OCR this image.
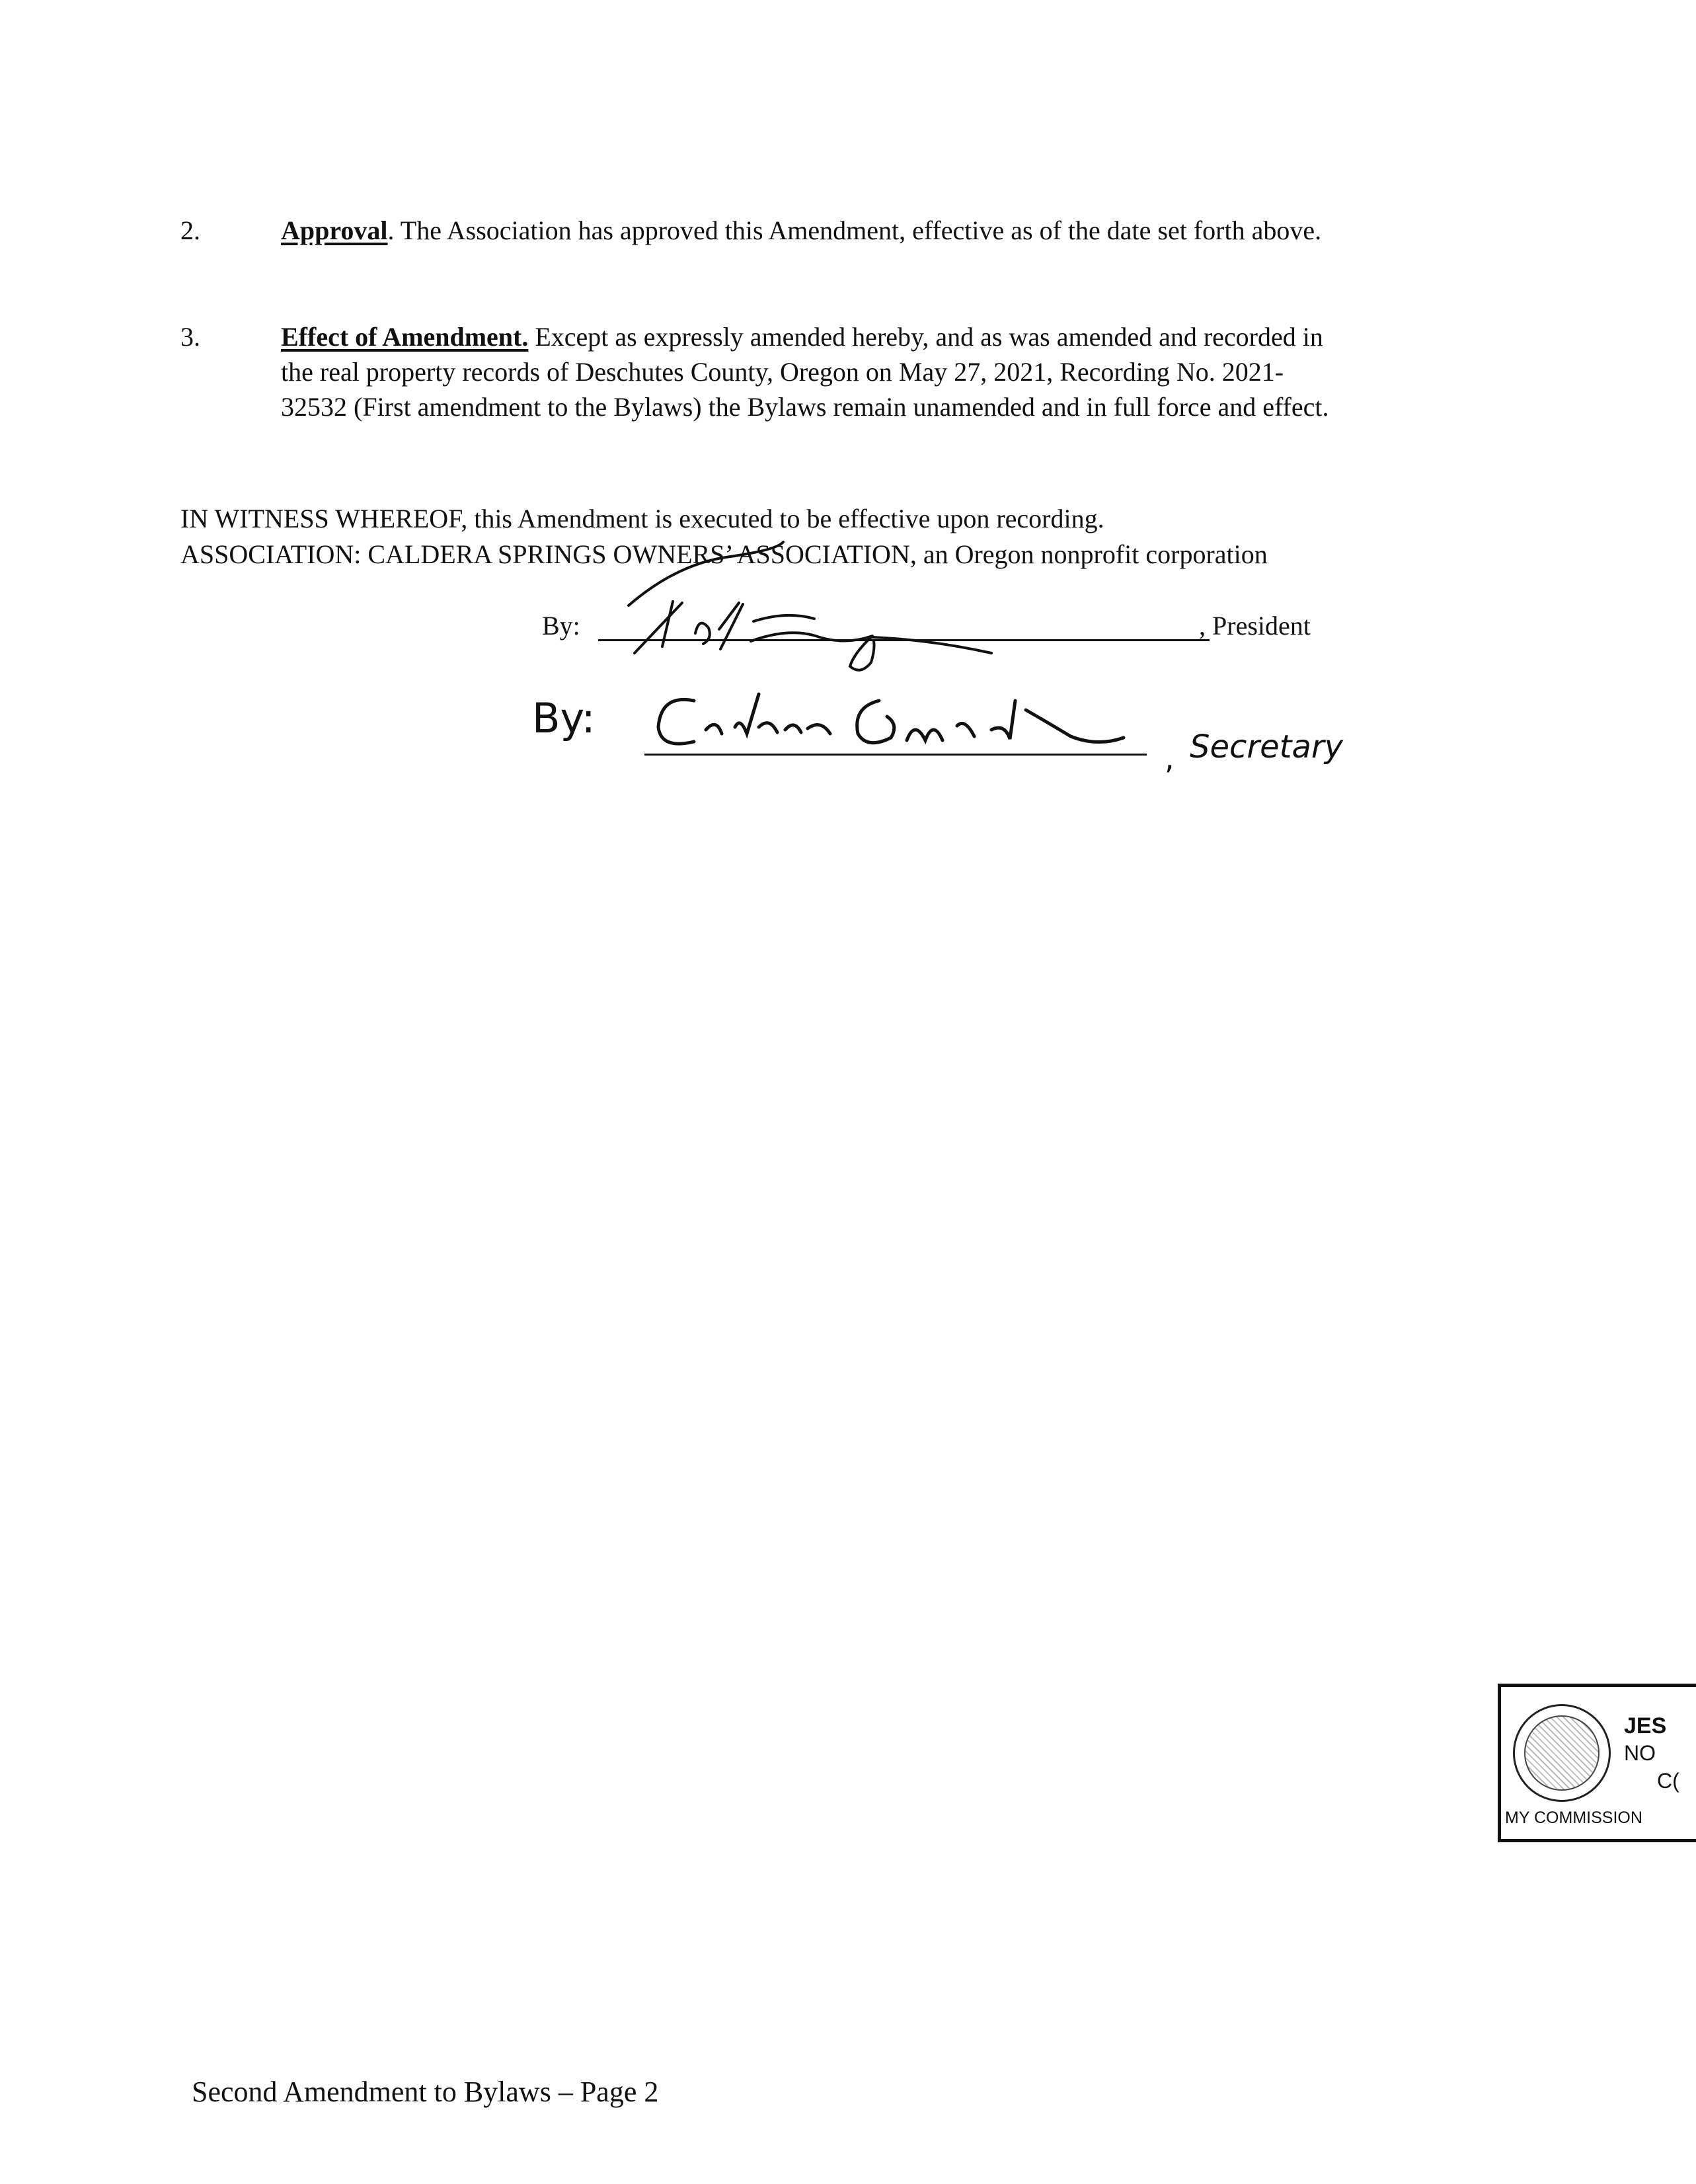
2.	Approval. The Association has approved this Amendment, effective as of the date set forth above.
3.	Effect of Amendment. Except as expressly amended hereby, and as was amended and recorded in the real property records of Deschutes County, Oregon on May 27, 2021, Recording No. 2021-32532 (First amendment to the Bylaws) the Bylaws remain unamended and in full force and effect.
IN WITNESS WHEREOF, this Amendment is executed to be effective upon recording.
ASSOCIATION: CALDERA SPRINGS OWNERS’ ASSOCIATION, an Oregon nonprofit corporation
By:	, President
By:
, Secretary
JES
NO
C(
MY COMMISSION
Second Amendment to Bylaws – Page 2
